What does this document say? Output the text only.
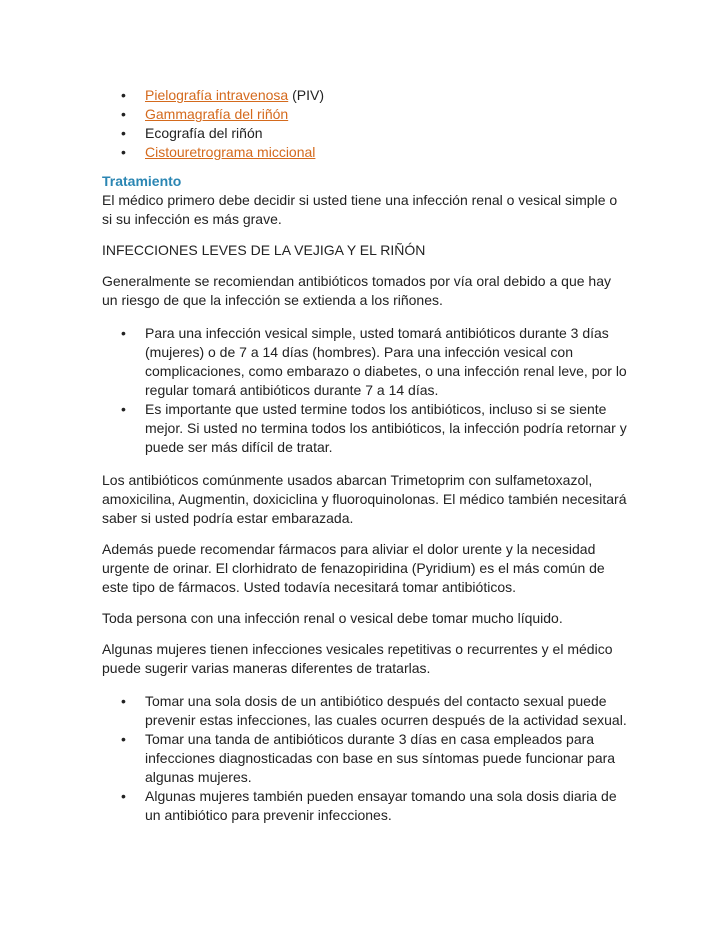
• Pielografía intravenosa (PIV)
• Gammagrafía del riñón
• Ecografía del riñón
• Cistouretrograma miccional

Tratamiento

El médico primero debe decidir si usted tiene una infección renal o vesical simple o si su infección es más grave.

INFECCIONES LEVES DE LA VEJIGA Y EL RIÑÓN

Generalmente se recomiendan antibióticos tomados por vía oral debido a que hay un riesgo de que la infección se extienda a los riñones.

• Para una infección vesical simple, usted tomará antibióticos durante 3 días (mujeres) o de 7 a 14 días (hombres). Para una infección vesical con complicaciones, como embarazo o diabetes, o una infección renal leve, por lo regular tomará antibióticos durante 7 a 14 días.
• Es importante que usted termine todos los antibióticos, incluso si se siente mejor. Si usted no termina todos los antibióticos, la infección podría retornar y puede ser más difícil de tratar.

Los antibióticos comúnmente usados abarcan Trimetoprim con sulfametoxazol, amoxicilina, Augmentin, doxiciclina y fluoroquinolonas. El médico también necesitará saber si usted podría estar embarazada.

Además puede recomendar fármacos para aliviar el dolor urente y la necesidad urgente de orinar. El clorhidrato de fenazopiridina (Pyridium) es el más común de este tipo de fármacos. Usted todavía necesitará tomar antibióticos.

Toda persona con una infección renal o vesical debe tomar mucho líquido.

Algunas mujeres tienen infecciones vesicales repetitivas o recurrentes y el médico puede sugerir varias maneras diferentes de tratarlas.

• Tomar una sola dosis de un antibiótico después del contacto sexual puede prevenir estas infecciones, las cuales ocurren después de la actividad sexual.
• Tomar una tanda de antibióticos durante 3 días en casa empleados para infecciones diagnosticadas con base en sus síntomas puede funcionar para algunas mujeres.
• Algunas mujeres también pueden ensayar tomando una sola dosis diaria de un antibiótico para prevenir infecciones.
